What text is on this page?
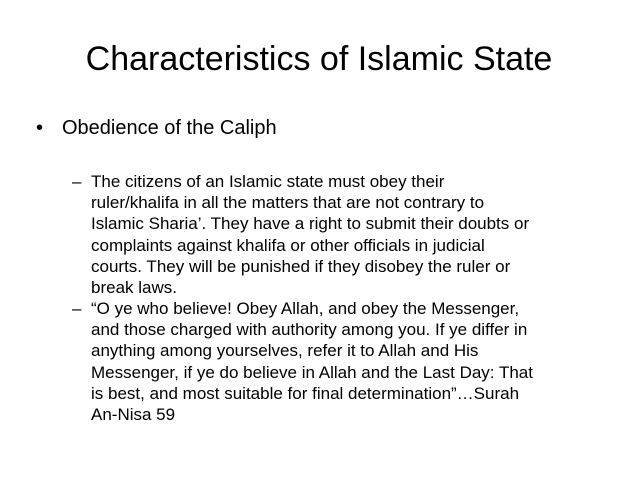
Characteristics of Islamic State
• Obedience of the Caliph
– The citizens of an Islamic state must obey their
ruler/khalifa in all the matters that are not contrary to
Islamic Sharia’. They have a right to submit their doubts or
complaints against khalifa or other officials in judicial
courts. They will be punished if they disobey the ruler or
break laws.
– “O ye who believe! Obey Allah, and obey the Messenger,
and those charged with authority among you. If ye differ in
anything among yourselves, refer it to Allah and His
Messenger, if ye do believe in Allah and the Last Day: That
is best, and most suitable for final determination”…Surah
An-Nisa 59
